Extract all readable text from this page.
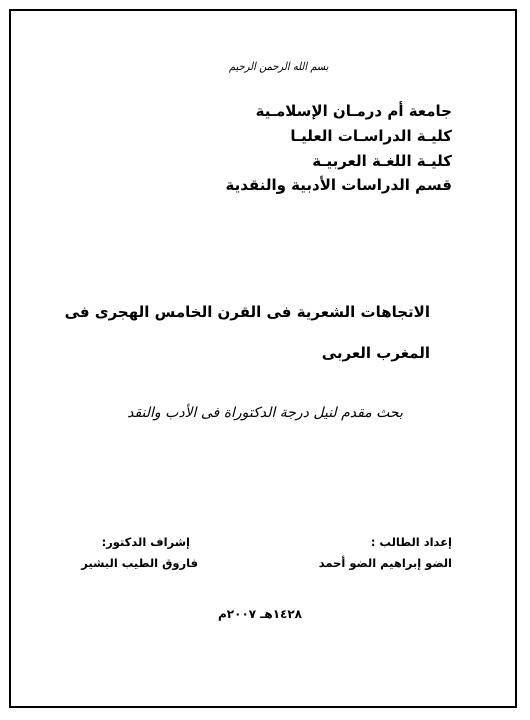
بسم الله الرحمن الرحيم
جامعة أم درمـان الإسلامـية
كليـة الدراسـات العليـا
كليـة اللغـة العربيـة
قسم الدراسات الأدبية والنقدية
الاتجاهات الشعرية فى القرن الخامس الهجرى فى
المغرب العربى
بحث مقدم لنيل درجة الدكتوراة فى الأدب والنقد
إعداد الطالب :
الضو إبراهيم الضو أحمد
إشراف الدكتور:
فاروق الطيب البشير
١٤٢٨هـ ٢٠٠٧م
